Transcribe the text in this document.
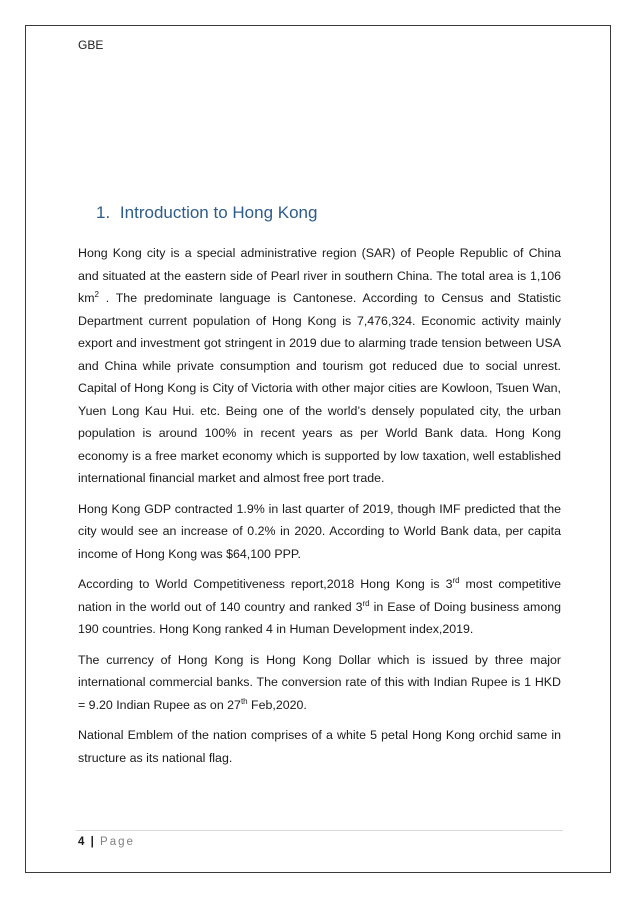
GBE
1. Introduction to Hong Kong

Hong Kong city is a special administrative region (SAR) of People Republic of China and situated at the eastern side of Pearl river in southern China. The total area is 1,106 $km^2$ . The predominate language is Cantonese. According to Census and Statistic Department current population of Hong Kong is 7,476,324. Economic activity mainly export and investment got stringent in 2019 due to alarming trade tension between USA and China while private consumption and tourism got reduced due to social unrest. Capital of Hong Kong is City of Victoria with other major cities are Kowloon, Tsuen Wan, Yuen Long Kau Hui. etc. Being one of the world’s densely populated city, the urban population is around 100% in recent years as per World Bank data. Hong Kong economy is a free market economy which is supported by low taxation, well established international financial market and almost free port trade.

Hong Kong GDP contracted 1.9% in last quarter of 2019, though IMF predicted that the city would see an increase of 0.2% in 2020. According to World Bank data, per capita income of Hong Kong was $64,100 PPP.

According to World Competitiveness report,2018 Hong Kong is 3rd most competitive nation in the world out of 140 country and ranked 3rd in Ease of Doing business among 190 countries. Hong Kong ranked 4 in Human Development index,2019.

The currency of Hong Kong is Hong Kong Dollar which is issued by three major international commercial banks. The conversion rate of this with Indian Rupee is 1 HKD = 9.20 Indian Rupee as on 27th Feb,2020.

National Emblem of the nation comprises of a white 5 petal Hong Kong orchid same in structure as its national flag.

4 | Page
